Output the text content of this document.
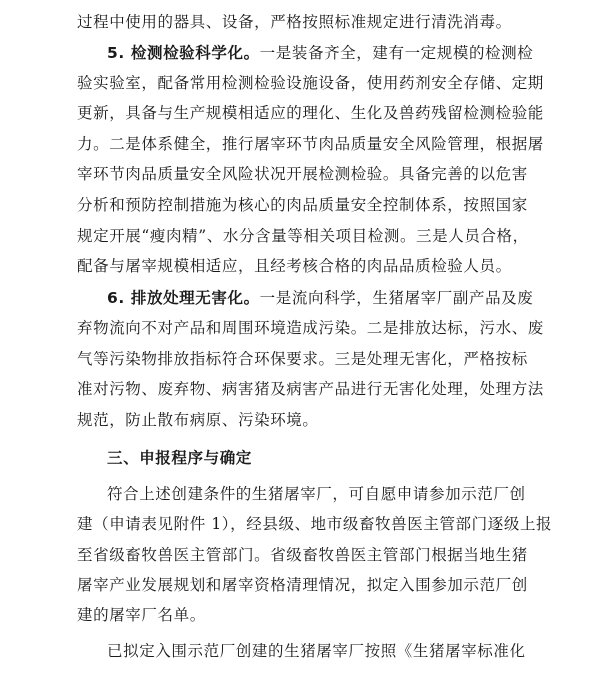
过程中使用的器具、设备，严格按照标准规定进行清洗消毒。
5. 检测检验科学化。一是装备齐全，建有一定规模的检测检
验实验室，配备常用检测检验设施设备，使用药剂安全存储、定期
更新，具备与生产规模相适应的理化、生化及兽药残留检测检验能
力。二是体系健全，推行屠宰环节肉品质量安全风险管理，根据屠
宰环节肉品质量安全风险状况开展检测检验。具备完善的以危害
分析和预防控制措施为核心的肉品质量安全控制体系，按照国家
规定开展“瘦肉精”、水分含量等相关项目检测。三是人员合格，
配备与屠宰规模相适应，且经考核合格的肉品品质检验人员。
6. 排放处理无害化。一是流向科学，生猪屠宰厂副产品及废
弃物流向不对产品和周围环境造成污染。二是排放达标，污水、废
气等污染物排放指标符合环保要求。三是处理无害化，严格按标
准对污物、废弃物、病害猪及病害产品进行无害化处理，处理方法
规范，防止散布病原、污染环境。
三、申报程序与确定
符合上述创建条件的生猪屠宰厂，可自愿申请参加示范厂创
建（申请表见附件 1），经县级、地市级畜牧兽医主管部门逐级上报
至省级畜牧兽医主管部门。省级畜牧兽医主管部门根据当地生猪
屠宰产业发展规划和屠宰资格清理情况，拟定入围参加示范厂创
建的屠宰厂名单。
已拟定入围示范厂创建的生猪屠宰厂按照《生猪屠宰标准化
